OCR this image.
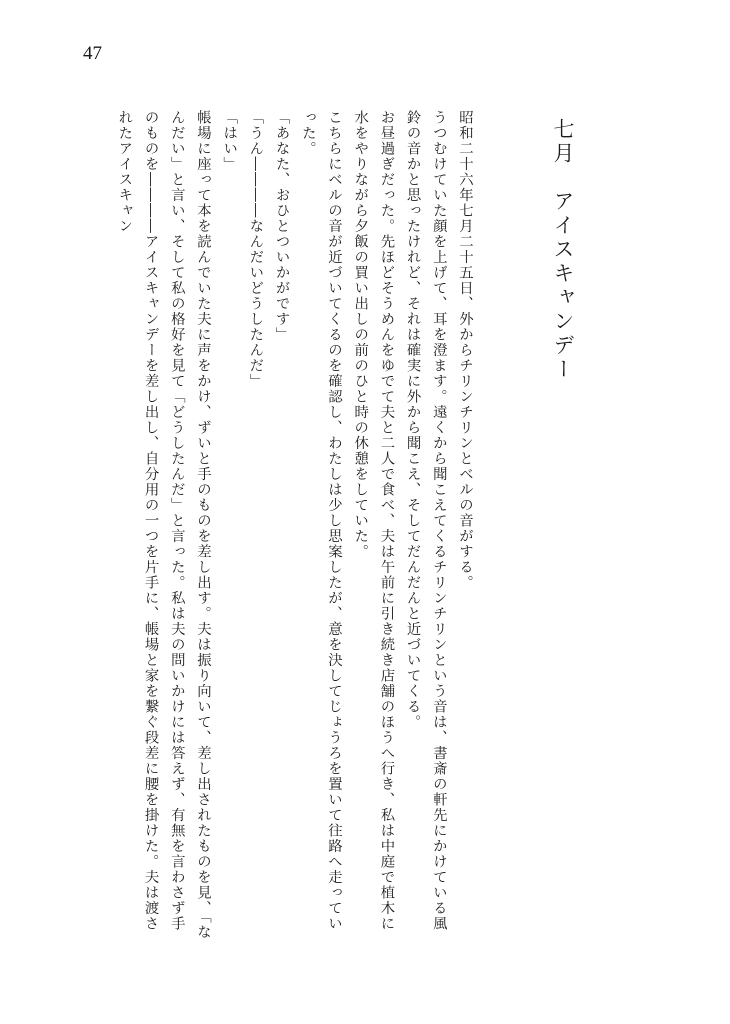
47
七月　アイスキャンデー

昭和二十六年七月二十五日、外からチリンチリンとベルの音がする。

うつむけていた顔を上げて、耳を澄ます。遠くから聞こえてくるチリンチリンという音は、書斎の軒先にかけている風鈴の音かと思ったけれど、それは確実に外から聞こえ、そしてだんだんと近づいてくる。

お昼過ぎだった。先ほどそうめんをゆでて夫と二人で食べ、夫は午前に引き続き店舗のほうへ行き、私は中庭で植木に水をやりながら夕飯の買い出しの前のひと時の休憩をしていた。

こちらにベルの音が近づいてくるのを確認し、わたしは少し思案したが、意を決してじょうろを置いて往路へ走っていった。

「あなた、おひとついかがです」

「うん――――なんだいどうしたんだ」

「はい」

帳場に座って本を読んでいた夫に声をかけ、ずいと手のものを差し出す。夫は振り向いて、差し出されたものを見、「なんだい」と言い、そして私の格好を見て「どうしたんだ」と言った。私は夫の問いかけには答えず、有無を言わさず手のものを――――アイスキャンデーを差し出し、自分用の一つを片手に、帳場と家を繋ぐ段差に腰を掛けた。夫は渡されたアイスキャン
